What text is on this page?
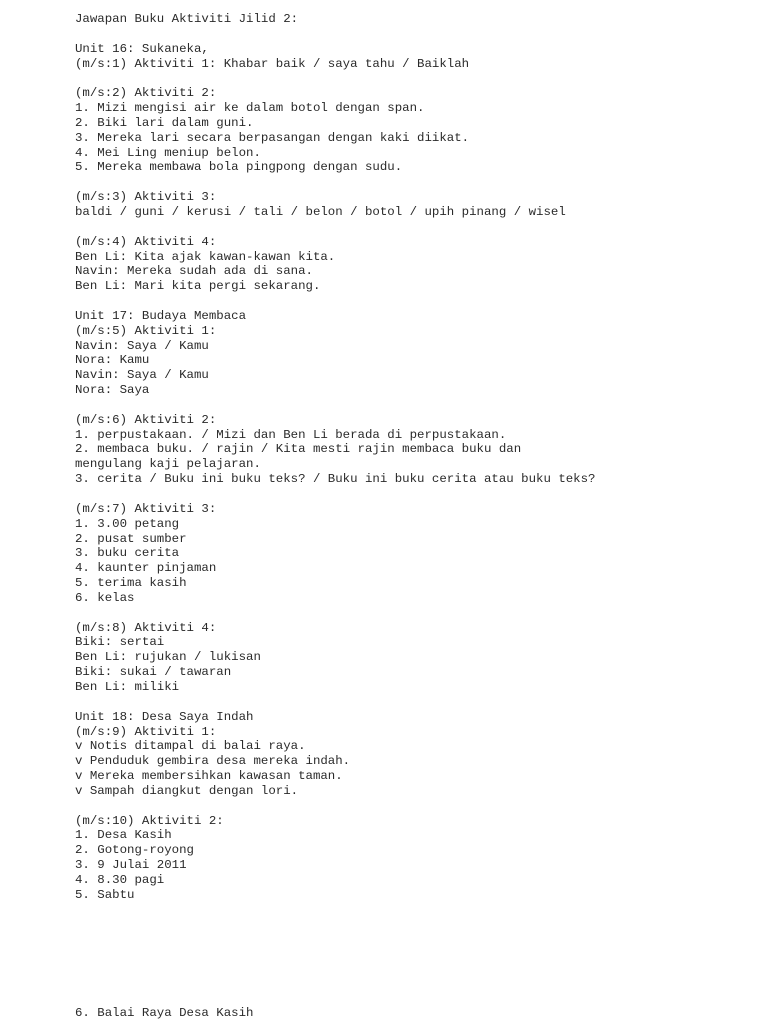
Jawapan Buku Aktiviti Jilid 2:
Unit 16: Sukaneka,
(m/s:1) Aktiviti 1: Khabar baik / saya tahu / Baiklah
(m/s:2) Aktiviti 2:
1. Mizi mengisi air ke dalam botol dengan span.
2. Biki lari dalam guni.
3. Mereka lari secara berpasangan dengan kaki diikat.
4. Mei Ling meniup belon.
5. Mereka membawa bola pingpong dengan sudu.
(m/s:3) Aktiviti 3:
baldi / guni / kerusi / tali / belon / botol / upih pinang / wisel
(m/s:4) Aktiviti 4:
Ben Li: Kita ajak kawan-kawan kita.
Navin: Mereka sudah ada di sana.
Ben Li: Mari kita pergi sekarang.
Unit 17: Budaya Membaca
(m/s:5) Aktiviti 1:
Navin: Saya / Kamu
Nora: Kamu
Navin: Saya / Kamu
Nora: Saya
(m/s:6) Aktiviti 2:
1. perpustakaan. / Mizi dan Ben Li berada di perpustakaan.
2. membaca buku. / rajin / Kita mesti rajin membaca buku dan
mengulang kaji pelajaran.
3. cerita / Buku ini buku teks? / Buku ini buku cerita atau buku teks?
(m/s:7) Aktiviti 3:
1. 3.00 petang
2. pusat sumber
3. buku cerita
4. kaunter pinjaman
5. terima kasih
6. kelas
(m/s:8) Aktiviti 4:
Biki: sertai
Ben Li: rujukan / lukisan
Biki: sukai / tawaran
Ben Li: miliki
Unit 18: Desa Saya Indah
(m/s:9) Aktiviti 1:
v Notis ditampal di balai raya.
v Penduduk gembira desa mereka indah.
v Mereka membersihkan kawasan taman.
v Sampah diangkut dengan lori.
(m/s:10) Aktiviti 2:
1. Desa Kasih
2. Gotong-royong
3. 9 Julai 2011
4. 8.30 pagi
5. Sabtu
6. Balai Raya Desa Kasih
